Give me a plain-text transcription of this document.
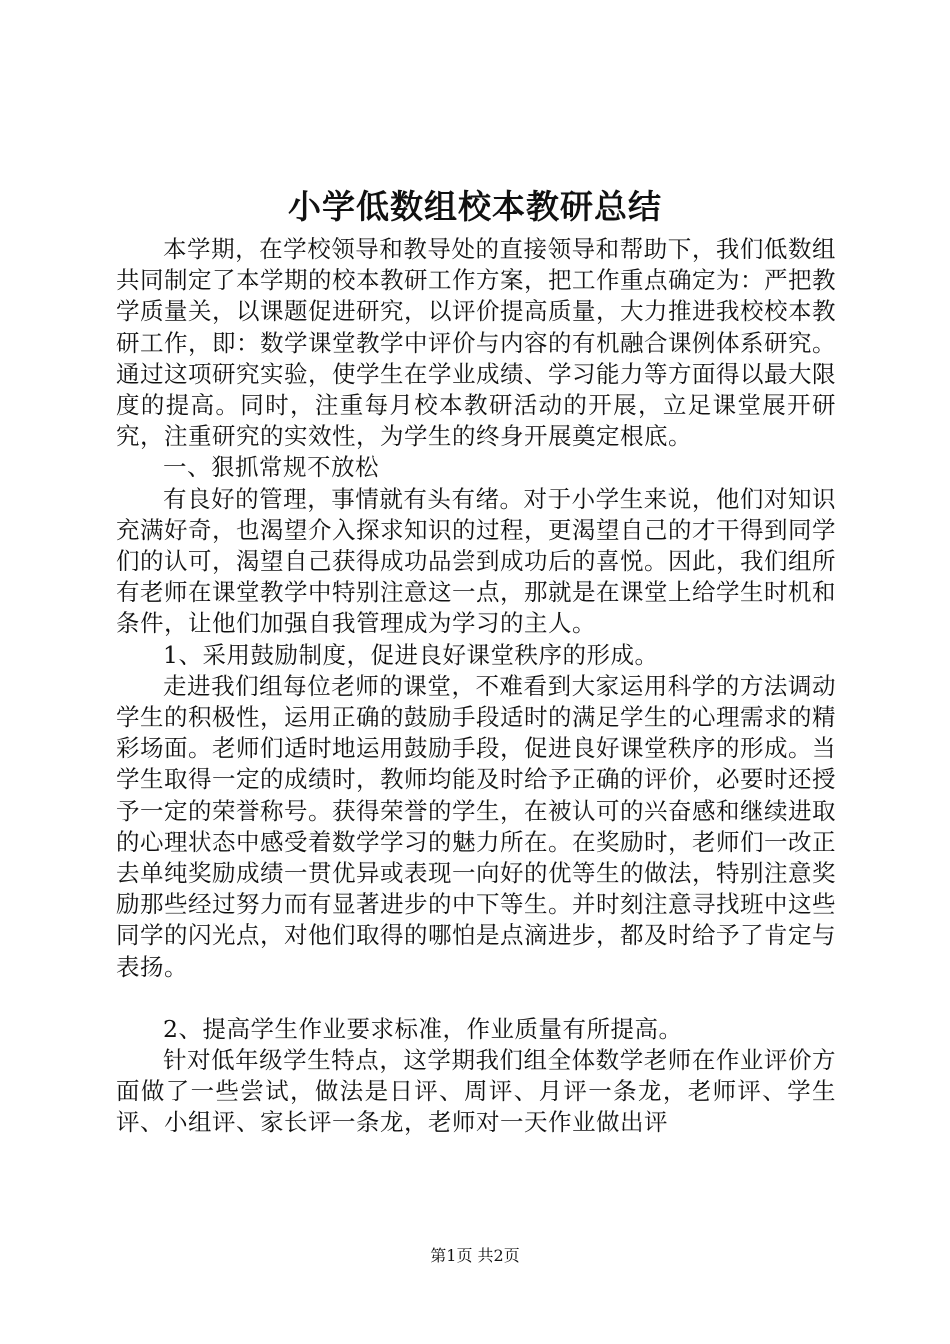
小学低数组校本教研总结

本学期，在学校领导和教导处的直接领导和帮助下，我们低数组共同制定了本学期的校本教研工作方案，把工作重点确定为：严把教学质量关，以课题促进研究，以评价提高质量，大力推进我校校本教研工作，即：数学课堂教学中评价与内容的有机融合课例体系研究。通过这项研究实验，使学生在学业成绩、学习能力等方面得以最大限度的提高。同时，注重每月校本教研活动的开展，立足课堂展开研究，注重研究的实效性，为学生的终身开展奠定根底。

一、狠抓常规不放松

有良好的管理，事情就有头有绪。对于小学生来说，他们对知识充满好奇，也渴望介入探求知识的过程，更渴望自己的才干得到同学们的认可，渴望自己获得成功品尝到成功后的喜悦。因此，我们组所有老师在课堂教学中特别注意这一点，那就是在课堂上给学生时机和条件，让他们加强自我管理成为学习的主人。

1、采用鼓励制度，促进良好课堂秩序的形成。

走进我们组每位老师的课堂，不难看到大家运用科学的方法调动学生的积极性，运用正确的鼓励手段适时的满足学生的心理需求的精彩场面。老师们适时地运用鼓励手段，促进良好课堂秩序的形成。当学生取得一定的成绩时，教师均能及时给予正确的评价，必要时还授予一定的荣誉称号。获得荣誉的学生，在被认可的兴奋感和继续进取的心理状态中感受着数学学习的魅力所在。在奖励时，老师们一改正去单纯奖励成绩一贯优异或表现一向好的优等生的做法，特别注意奖励那些经过努力而有显著进步的中下等生。并时刻注意寻找班中这些同学的闪光点，对他们取得的哪怕是点滴进步，都及时给予了肯定与表扬。

2、提高学生作业要求标准，作业质量有所提高。

针对低年级学生特点，这学期我们组全体数学老师在作业评价方面做了一些尝试，做法是日评、周评、月评一条龙，老师评、学生评、小组评、家长评一条龙，老师对一天作业做出评

第1页 共2页
